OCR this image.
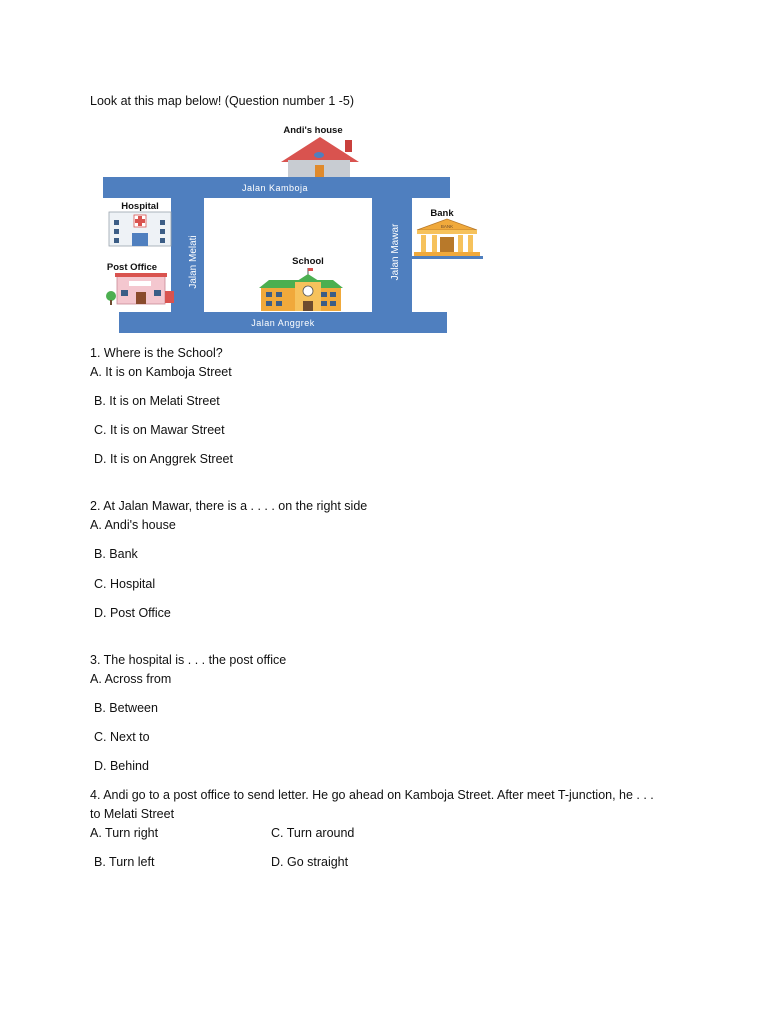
Look at this map below! (Question number 1 -5)
Jalan Kamboja
Jalan Anggrek
Jalan Melati	Jalan Mawar
Andi's house
Hospital
Post Office
School
Bank
BANK
1. Where is the School?
A. It is on Kamboja Street
B. It is on Melati Street
C. It is on Mawar Street
D. It is on Anggrek Street
2. At Jalan Mawar, there is a . . . . on the right side
A. Andi's house
B. Bank
C. Hospital
D. Post Office
3. The hospital is . . . the post office
A. Across from
B. Between
C. Next to
D. Behind
4. Andi go to a post office to send letter. He go ahead on Kamboja Street. After meet T-junction, he . . .
to Melati Street
A. Turn right	C. Turn around
B. Turn left	D. Go straight
